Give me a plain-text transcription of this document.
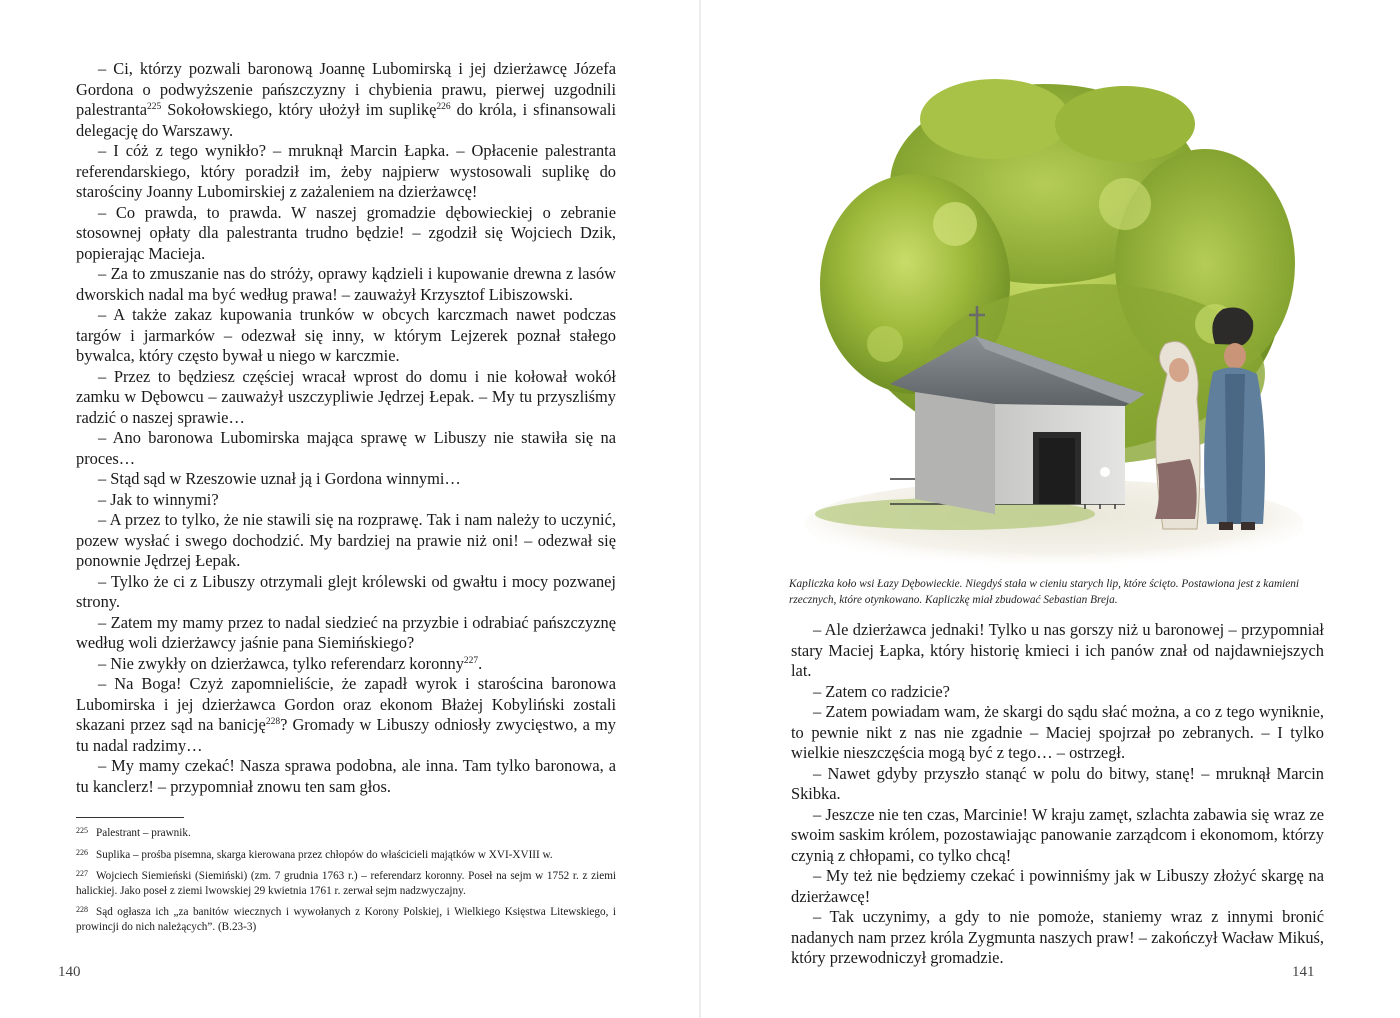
– Ci, którzy pozwali baronową Joannę Lubomirską i jej dzierżawcę Józefa Gordona o podwyższenie pańszczyzny i chybienia prawu, pierwej uzgodnili palestranta$^{225}$ Sokołowskiego, który ułożył im suplikę$^{226}$ do króla, i sfinansowali delegację do Warszawy.

– I cóż z tego wynikło? – mruknął Marcin Łapka. – Opłacenie palestranta referendarskiego, który poradził im, żeby najpierw wystosowali suplikę do starościny Joanny Lubomirskiej z zażaleniem na dzierżawcę!

– Co prawda, to prawda. W naszej gromadzie dębowieckiej o zebranie stosownej opłaty dla palestranta trudno będzie! – zgodził się Wojciech Dzik, popierając Macieja.

– Za to zmuszanie nas do stróży, oprawy kądzieli i kupowanie drewna z lasów dworskich nadal ma być według prawa! – zauważył Krzysztof Libiszowski.

– A także zakaz kupowania trunków w obcych karczmach nawet podczas targów i jarmarków – odezwał się inny, w którym Lejzerek poznał stałego bywalca, który często bywał u niego w karczmie.

– Przez to będziesz częściej wracał wprost do domu i nie kołował wokół zamku w Dębowcu – zauważył uszczypliwie Jędrzej Łepak. – My tu przyszliśmy radzić o naszej sprawie…

– Ano baronowa Lubomirska mająca sprawę w Libuszy nie stawiła się na proces…

– Stąd sąd w Rzeszowie uznał ją i Gordona winnymi…

– Jak to winnymi?

– A przez to tylko, że nie stawili się na rozprawę. Tak i nam należy to uczynić, pozew wysłać i swego dochodzić. My bardziej na prawie niż oni! – odezwał się ponownie Jędrzej Łepak.

– Tylko że ci z Libuszy otrzymali glejt królewski od gwałtu i mocy pozwanej strony.

– Zatem my mamy przez to nadal siedzieć na przyzbie i odrabiać pańszczyznę według woli dzierżawcy jaśnie pana Siemińskiego?

– Nie zwykły on dzierżawca, tylko referendarz koronny$^{227}$.

– Na Boga! Czyż zapomnieliście, że zapadł wyrok i starościna baronowa Lubomirska i jej dzierżawca Gordon oraz ekonom Błażej Kobyliński zostali skazani przez sąd na banicję$^{228}$? Gromady w Libuszy odniosły zwycięstwo, a my tu nadal radzimy…

– My mamy czekać! Nasza sprawa podobna, ale inna. Tam tylko baronowa, a tu kanclerz! – przypomniał znowu ten sam głos.

$^{225}$ Palestrant – prawnik.

$^{226}$ Suplika – prośba pisemna, skarga kierowana przez chłopów do właścicieli majątków w XVI-XVIII w.

$^{227}$ Wojciech Siemieński (Siemiński) (zm. 7 grudnia 1763 r.) – referendarz koronny. Poseł na sejm w 1752 r. z ziemi halickiej. Jako poseł z ziemi lwowskiej 29 kwietnia 1761 r. zerwał sejm nadzwyczajny.

$^{228}$ Sąd ogłasza ich „za banitów wiecznych i wywołanych z Korony Polskiej, i Wielkiego Księstwa Litewskiego, i prowincji do nich należących”. (B.23-3)

140
Kapliczka koło wsi Łazy Dębowieckie. Niegdyś stała w cieniu starych lip, które ścięto. Postawiona jest z kamieni rzecznych, które otynkowano. Kapliczkę miał zbudować Sebastian Breja.

– Ale dzierżawca jednaki! Tylko u nas gorszy niż u baronowej – przypomniał stary Maciej Łapka, który historię kmieci i ich panów znał od najdawniejszych lat.

– Zatem co radzicie?

– Zatem powiadam wam, że skargi do sądu słać można, a co z tego wyniknie, to pewnie nikt z nas nie zgadnie – Maciej spojrzał po zebranych. – I tylko wielkie nieszczęścia mogą być z tego… – ostrzegł.

– Nawet gdyby przyszło stanąć w polu do bitwy, stanę! – mruknął Marcin Skibka.

– Jeszcze nie ten czas, Marcinie! W kraju zamęt, szlachta zabawia się wraz ze swoim saskim królem, pozostawiając panowanie zarządcom i ekonomom, którzy czynią z chłopami, co tylko chcą!

– My też nie będziemy czekać i powinniśmy jak w Libuszy złożyć skargę na dzierżawcę!

– Tak uczynimy, a gdy to nie pomoże, staniemy wraz z innymi bronić nadanych nam przez króla Zygmunta naszych praw! – zakończył Wacław Mikuś, który przewodniczył gromadzie.

141
